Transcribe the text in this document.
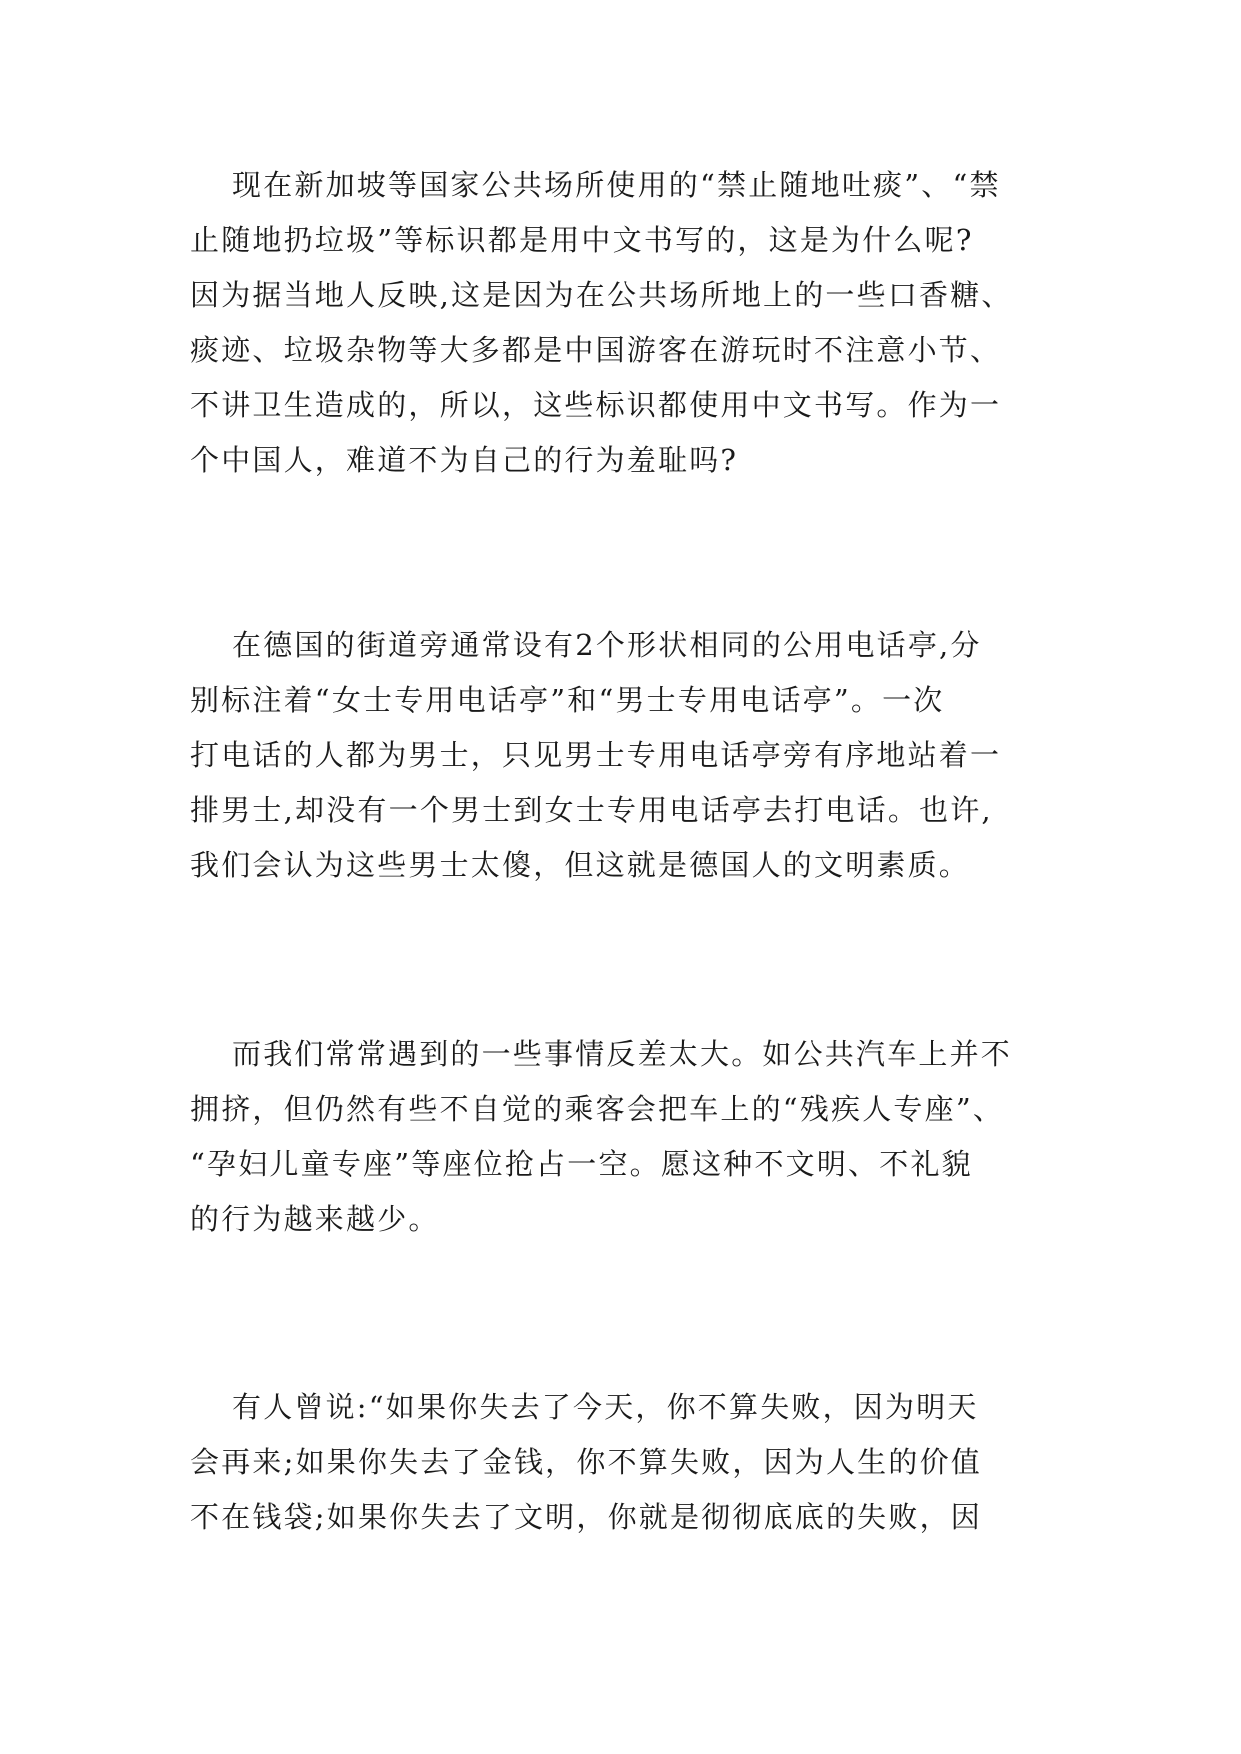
现在新加坡等国家公共场所使用的“禁止随地吐痰”、“禁
止随地扔垃圾”等标识都是用中文书写的，这是为什么呢?
因为据当地人反映,这是因为在公共场所地上的一些口香糖、
痰迹、垃圾杂物等大多都是中国游客在游玩时不注意小节、
不讲卫生造成的，所以，这些标识都使用中文书写。作为一
个中国人，难道不为自己的行为羞耻吗?
在德国的街道旁通常设有2个形状相同的公用电话亭,分
别标注着“女士专用电话亭”和“男士专用电话亭”。一次
打电话的人都为男士，只见男士专用电话亭旁有序地站着一
排男士,却没有一个男士到女士专用电话亭去打电话。也许,
我们会认为这些男士太傻，但这就是德国人的文明素质。
而我们常常遇到的一些事情反差太大。如公共汽车上并不
拥挤，但仍然有些不自觉的乘客会把车上的“残疾人专座”、
“孕妇儿童专座”等座位抢占一空。愿这种不文明、不礼貌
的行为越来越少。
有人曾说:“如果你失去了今天，你不算失败，因为明天
会再来;如果你失去了金钱，你不算失败，因为人生的价值
不在钱袋;如果你失去了文明，你就是彻彻底底的失败，因
